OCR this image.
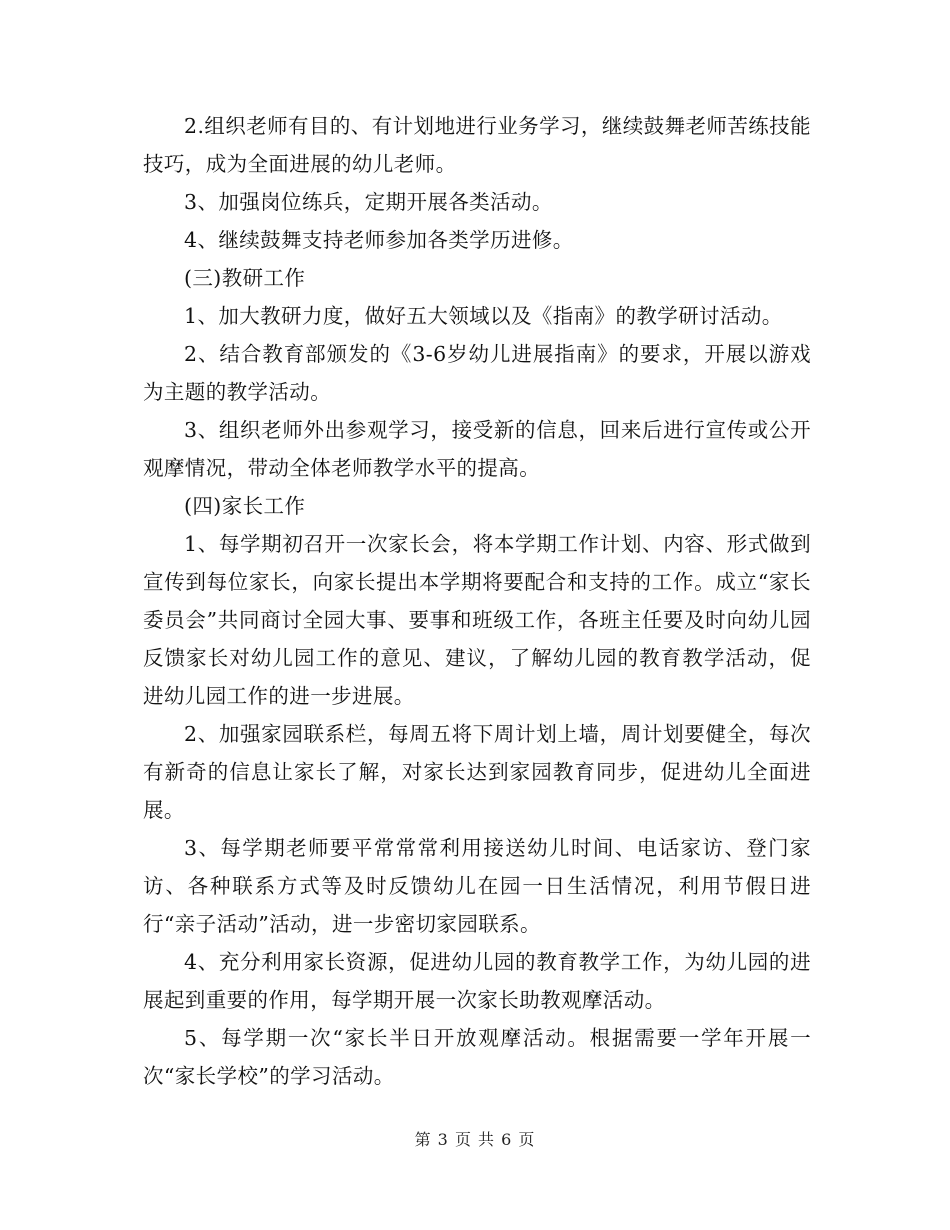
2.组织老师有目的、有计划地进行业务学习，继续鼓舞老师苦练技能技巧，成为全面进展的幼儿老师。

3、加强岗位练兵，定期开展各类活动。

4、继续鼓舞支持老师参加各类学历进修。

(三)教研工作

1、加大教研力度，做好五大领域以及《指南》的教学研讨活动。

2、结合教育部颁发的《3-6岁幼儿进展指南》的要求，开展以游戏为主题的教学活动。

3、组织老师外出参观学习，接受新的信息，回来后进行宣传或公开观摩情况，带动全体老师教学水平的提高。

(四)家长工作

1、每学期初召开一次家长会，将本学期工作计划、内容、形式做到宣传到每位家长，向家长提出本学期将要配合和支持的工作。成立“家长委员会”共同商讨全园大事、要事和班级工作，各班主任要及时向幼儿园反馈家长对幼儿园工作的意见、建议，了解幼儿园的教育教学活动，促进幼儿园工作的进一步进展。

2、加强家园联系栏，每周五将下周计划上墙，周计划要健全，每次有新奇的信息让家长了解，对家长达到家园教育同步，促进幼儿全面进展。

3、每学期老师要平常常常利用接送幼儿时间、电话家访、登门家访、各种联系方式等及时反馈幼儿在园一日生活情况，利用节假日进行“亲子活动”活动，进一步密切家园联系。

4、充分利用家长资源，促进幼儿园的教育教学工作，为幼儿园的进展起到重要的作用，每学期开展一次家长助教观摩活动。

5、每学期一次“家长半日开放观摩活动。根据需要一学年开展一次“家长学校”的学习活动。

第 3 页 共 6 页
